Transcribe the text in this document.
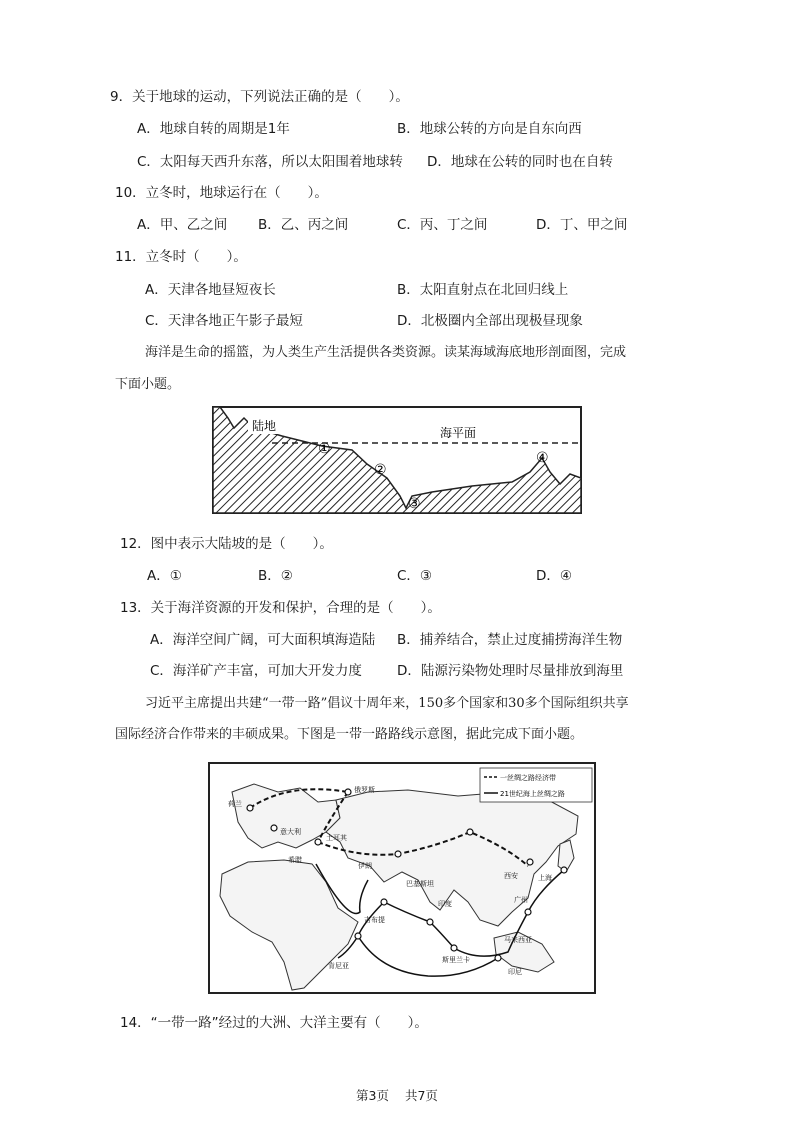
9．关于地球的运动，下列说法正确的是（　　）。
A．地球自转的周期是1年	B．地球公转的方向是自东向西
C．太阳每天西升东落，所以太阳围着地球转 D．地球在公转的同时也在自转
10．立冬时，地球运行在（　　）。
A．甲、乙之间 B．乙、丙之间	C．丙、丁之间	D．丁、甲之间
11．立冬时（　　）。
A．天津各地昼短夜长	B．太阳直射点在北回归线上
C．天津各地正午影子最短	D．北极圈内全部出现极昼现象
海洋是生命的摇篮，为人类生产生活提供各类资源。读某海域海底地形剖面图，完成
下面小题。
陆地	海平面
①
②
③
④
12．图中表示大陆坡的是（　　）。
A．①	B．②	C．③	D．④
13．关于海洋资源的开发和保护，合理的是（　　）。
A．海洋空间广阔，可大面积填海造陆 B．捕养结合，禁止过度捕捞海洋生物
C．海洋矿产丰富，可加大开发力度	D．陆源污染物处理时尽量排放到海里
习近平主席提出共建“一带一路”倡议十周年来，150多个国家和30多个国际组织共享
国际经济合作带来的丰硕成果。下图是一带一路路线示意图，据此完成下面小题。
一丝绸之路经济带
21世纪海上丝绸之路
俄罗斯
荷兰
意大利
土耳其
希腊
伊朗
巴基斯坦
印度
西安	上海
广州
吉布提
肯尼亚
斯里兰卡
马来西亚
印尼
14．“一带一路”经过的大洲、大洋主要有（　　）。
第3页 共7页
